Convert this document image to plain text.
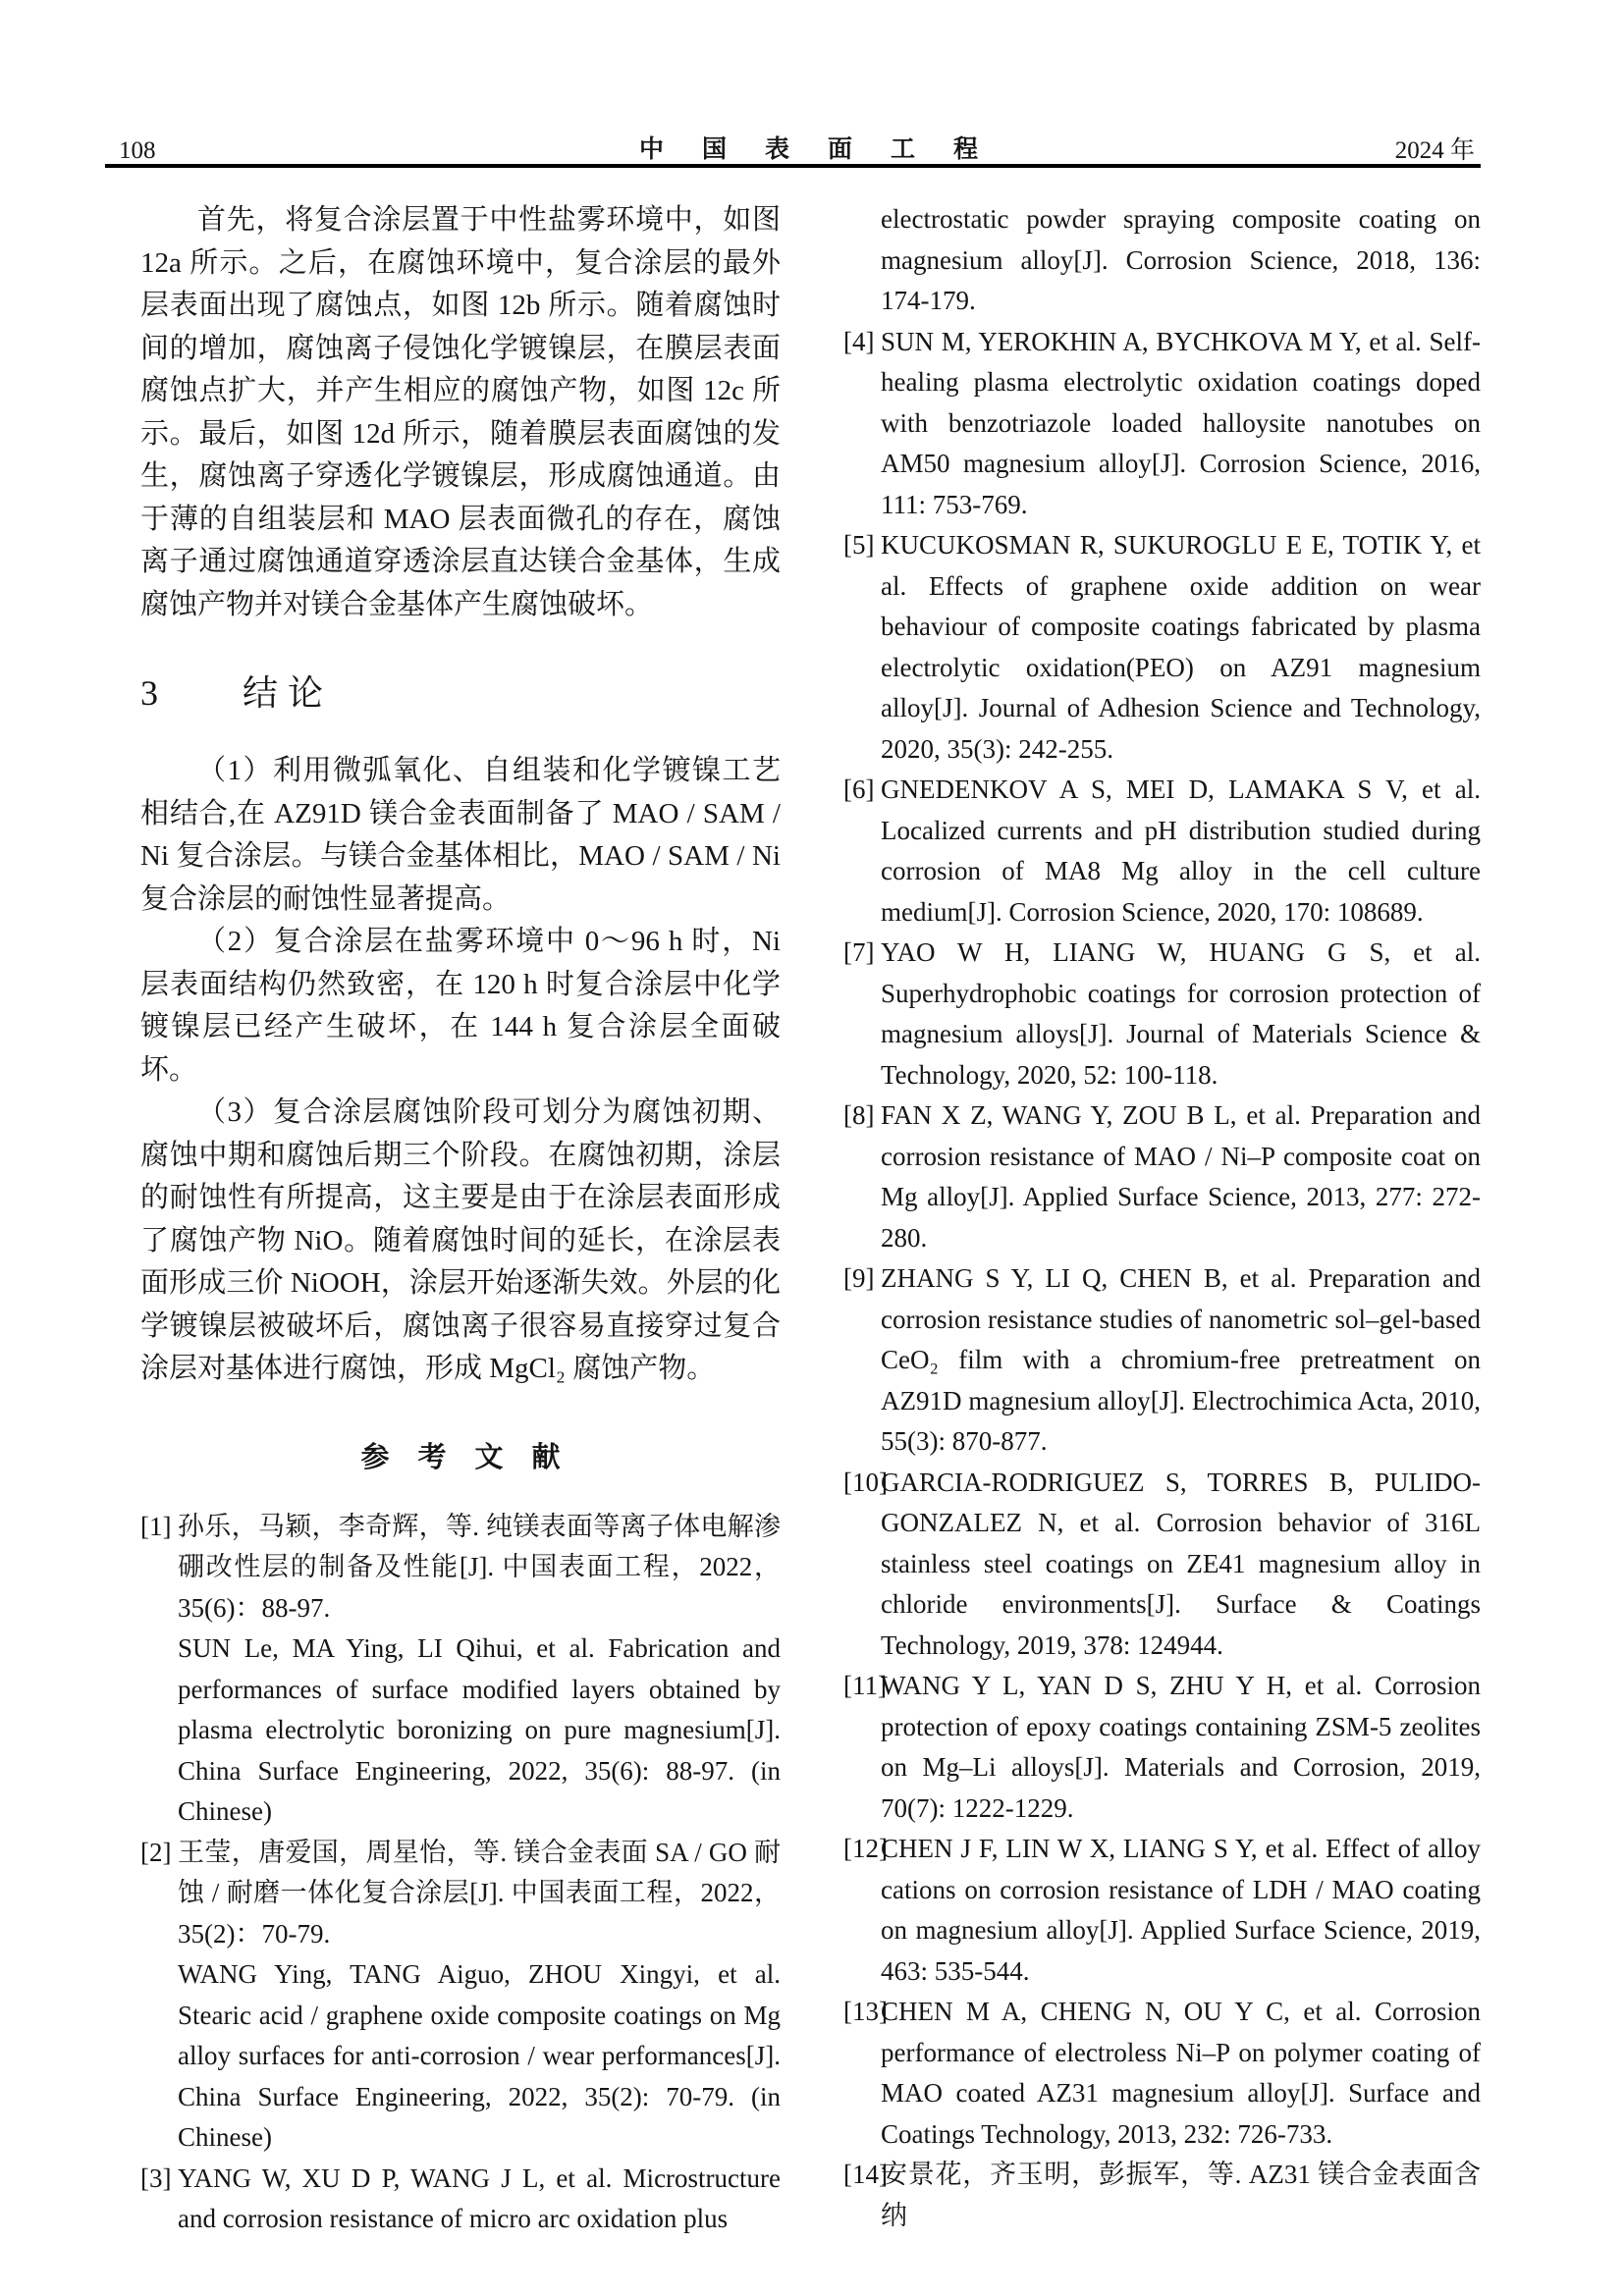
108	中　国　表　面　工　程	2024 年

首先，将复合涂层置于中性盐雾环境中，如图 12a 所示。之后，在腐蚀环境中，复合涂层的最外层表面出现了腐蚀点，如图 12b 所示。随着腐蚀时间的增加，腐蚀离子侵蚀化学镀镍层，在膜层表面腐蚀点扩大，并产生相应的腐蚀产物，如图 12c 所示。最后，如图 12d 所示，随着膜层表面腐蚀的发生，腐蚀离子穿透化学镀镍层，形成腐蚀通道。由于薄的自组装层和 MAO 层表面微孔的存在，腐蚀离子通过腐蚀通道穿透涂层直达镁合金基体，生成腐蚀产物并对镁合金基体产生腐蚀破坏。

3 结论

（1）利用微弧氧化、自组装和化学镀镍工艺相结合,在 AZ91D 镁合金表面制备了 MAO / SAM / Ni 复合涂层。与镁合金基体相比，MAO / SAM / Ni 复合涂层的耐蚀性显著提高。

（2）复合涂层在盐雾环境中 0～96 h 时，Ni 层表面结构仍然致密，在 120 h 时复合涂层中化学镀镍层已经产生破坏，在 144 h 复合涂层全面破坏。

（3）复合涂层腐蚀阶段可划分为腐蚀初期、腐蚀中期和腐蚀后期三个阶段。在腐蚀初期，涂层的耐蚀性有所提高，这主要是由于在涂层表面形成了腐蚀产物 NiO。随着腐蚀时间的延长，在涂层表面形成三价 NiOOH，涂层开始逐渐失效。外层的化学镀镍层被破坏后，腐蚀离子很容易直接穿过复合涂层对基体进行腐蚀，形成 MgCl₂ 腐蚀产物。

参　考　文　献
[1] 孙乐，马颖，李奇辉，等. 纯镁表面等离子体电解渗硼改性层的制备及性能[J]. 中国表面工程，2022，35(6)：88-97.

SUN Le, MA Ying, LI Qihui, et al. Fabrication and performances of surface modified layers obtained by plasma electrolytic boronizing on pure magnesium[J]. China Surface Engineering, 2022, 35(6): 88-97. (in Chinese)

[2] 王莹，唐爱国，周星怡，等. 镁合金表面 SA / GO 耐蚀 / 耐磨一体化复合涂层[J]. 中国表面工程，2022，35(2)：70-79.

WANG Ying, TANG Aiguo, ZHOU Xingyi, et al. Stearic acid / graphene oxide composite coatings on Mg alloy surfaces for anti-corrosion / wear performances[J]. China Surface Engineering, 2022, 35(2): 70-79. (in Chinese)

[3] YANG W, XU D P, WANG J L, et al. Microstructure and corrosion resistance of micro arc oxidation plus

electrostatic powder spraying composite coating on magnesium alloy[J]. Corrosion Science, 2018, 136: 174-179.

[4] SUN M, YEROKHIN A, BYCHKOVA M Y, et al. Self-healing plasma electrolytic oxidation coatings doped with benzotriazole loaded halloysite nanotubes on AM50 magnesium alloy[J]. Corrosion Science, 2016, 111: 753-769.

[5] KUCUKOSMAN R, SUKUROGLU E E, TOTIK Y, et al. Effects of graphene oxide addition on wear behaviour of composite coatings fabricated by plasma electrolytic oxidation(PEO) on AZ91 magnesium alloy[J]. Journal of Adhesion Science and Technology, 2020, 35(3): 242-255.

[6] GNEDENKOV A S, MEI D, LAMAKA S V, et al. Localized currents and pH distribution studied during corrosion of MA8 Mg alloy in the cell culture medium[J]. Corrosion Science, 2020, 170: 108689.

[7] YAO W H, LIANG W, HUANG G S, et al. Superhydrophobic coatings for corrosion protection of magnesium alloys[J]. Journal of Materials Science & Technology, 2020, 52: 100-118.

[8] FAN X Z, WANG Y, ZOU B L, et al. Preparation and corrosion resistance of MAO / Ni–P composite coat on Mg alloy[J]. Applied Surface Science, 2013, 277: 272-280.

[9] ZHANG S Y, LI Q, CHEN B, et al. Preparation and corrosion resistance studies of nanometric sol–gel-based CeO₂ film with a chromium-free pretreatment on AZ91D magnesium alloy[J]. Electrochimica Acta, 2010, 55(3): 870-877.

[10]

GARCIA-RODRIGUEZ S, TORRES B, PULIDO-GONZALEZ N, et al. Corrosion behavior of 316L stainless steel coatings on ZE41 magnesium alloy in chloride environments[J]. Surface & Coatings Technology, 2019, 378: 124944.

[11]

WANG Y L, YAN D S, ZHU Y H, et al. Corrosion protection of epoxy coatings containing ZSM-5 zeolites on Mg–Li alloys[J]. Materials and Corrosion, 2019, 70(7): 1222-1229.

[12]

CHEN J F, LIN W X, LIANG S Y, et al. Effect of alloy cations on corrosion resistance of LDH / MAO coating on magnesium alloy[J]. Applied Surface Science, 2019, 463: 535-544.

[13]

CHEN M A, CHENG N, OU Y C, et al. Corrosion performance of electroless Ni–P on polymer coating of MAO coated AZ31 magnesium alloy[J]. Surface and Coatings Technology, 2013, 232: 726-733.

[14]

安景花，齐玉明，彭振军，等. AZ31 镁合金表面含纳
